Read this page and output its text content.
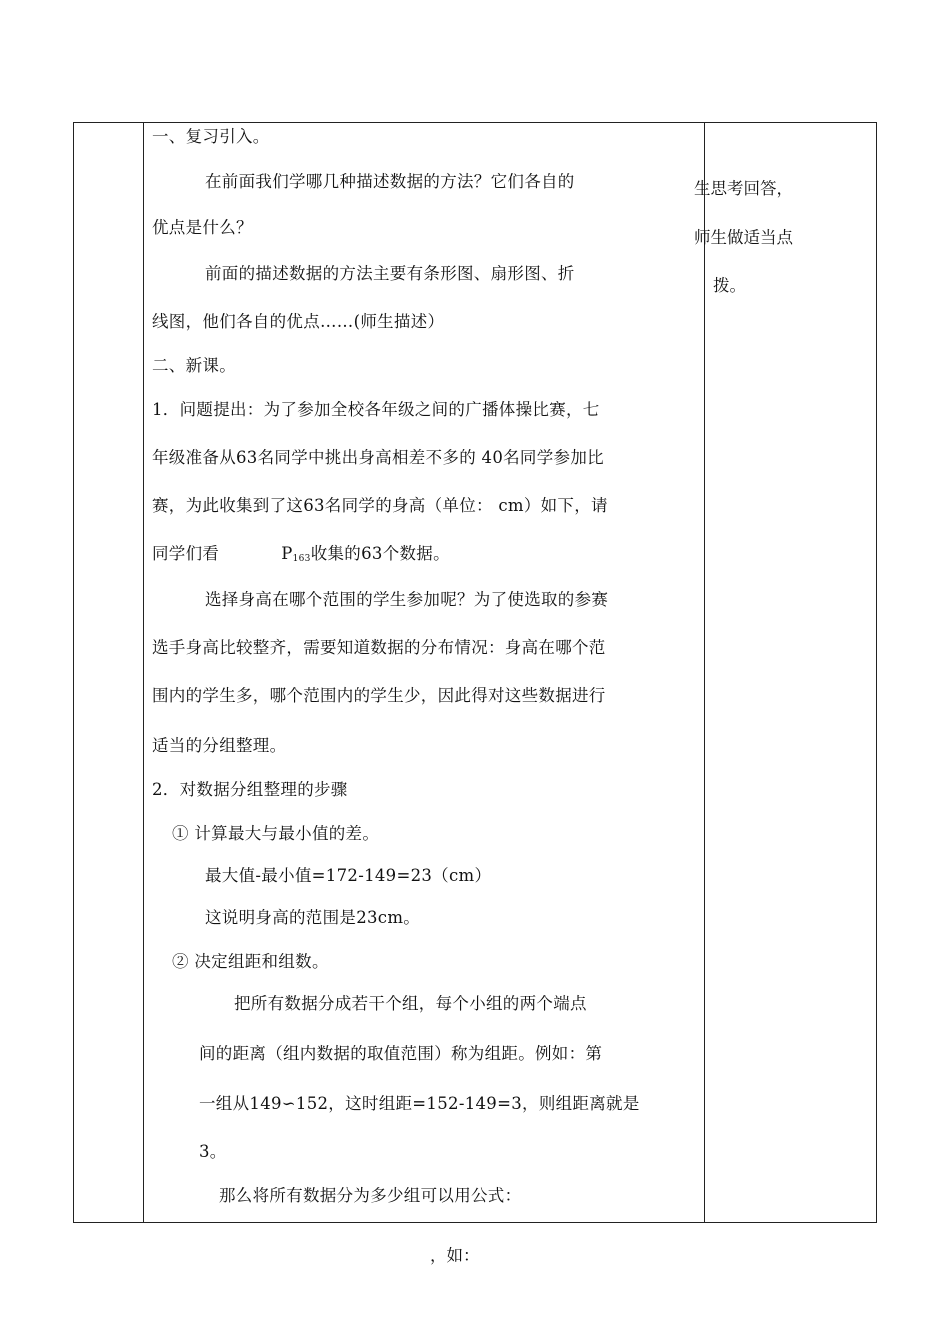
一、复习引入。
在前面我们学哪几种描述数据的方法？它们各自的
优点是什么？
前面的描述数据的方法主要有条形图、扇形图、折
线图，他们各自的优点……(师生描述）
二、新课。
1．问题提出：为了参加全校各年级之间的广播体操比赛，七
年级准备从63名同学中挑出身高相差不多的 40名同学参加比
赛，为此收集到了这63名同学的身高（单位： cm）如下，请
同学们看	$P_{163}$收集的63个数据。
选择身高在哪个范围的学生参加呢？为了使选取的参赛
选手身高比较整齐，需要知道数据的分布情况：身高在哪个范
围内的学生多，哪个范围内的学生少，因此得对这些数据进行
适当的分组整理。
2．对数据分组整理的步骤
① 计算最大与最小值的差。
最大值-最小值=172-149=23（cm）
这说明身高的范围是23cm。
② 决定组距和组数。
把所有数据分成若干个组，每个小组的两个端点
间的距离（组内数据的取值范围）称为组距。例如：第
一组从149∽152，这时组距=152-149=3，则组距离就是
3。
那么将所有数据分为多少组可以用公式：
生思考回答，
师生做适当点
拨。
，如：
